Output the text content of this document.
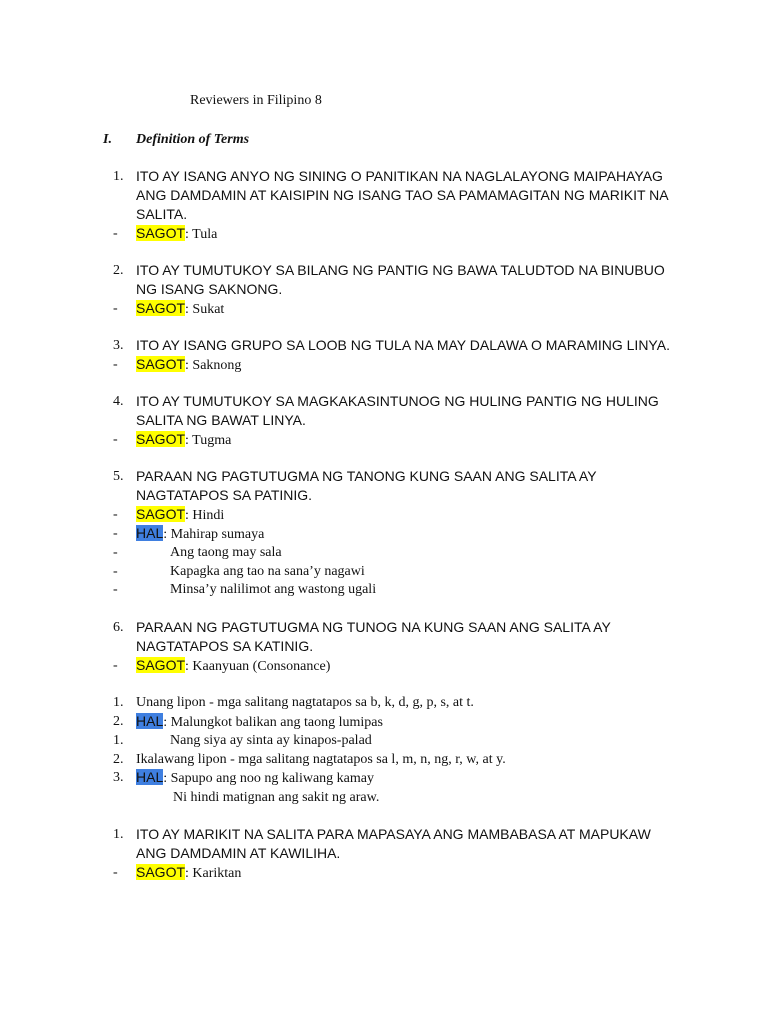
Reviewers in Filipino 8
I. Definition of Terms
1. ITO AY ISANG ANYO NG SINING O PANITIKAN NA NAGLALAYONG MAIPAHAYAG
ANG DAMDAMIN AT KAISIPIN NG ISANG TAO SA PAMAMAGITAN NG MARIKIT NA
SALITA.
- SAGOT: Tula
2. ITO AY TUMUTUKOY SA BILANG NG PANTIG NG BAWA TALUDTOD NA BINUBUO
NG ISANG SAKNONG.
- SAGOT: Sukat
3. ITO AY ISANG GRUPO SA LOOB NG TULA NA MAY DALAWA O MARAMING LINYA.
- SAGOT: Saknong
4. ITO AY TUMUTUKOY SA MAGKAKASINTUNOG NG HULING PANTIG NG HULING
SALITA NG BAWAT LINYA.
- SAGOT: Tugma
5. PARAAN NG PAGTUTUGMA NG TANONG KUNG SAAN ANG SALITA AY
NAGTATAPOS SA PATINIG.
- SAGOT: Hindi
- HAL: Mahirap sumaya
-	Ang taong may sala
-	Kapagka ang tao na sana’y nagawi
-	Minsa’y nalilimot ang wastong ugali
6. PARAAN NG PAGTUTUGMA NG TUNOG NA KUNG SAAN ANG SALITA AY
NAGTATAPOS SA KATINIG.
- SAGOT: Kaanyuan (Consonance)
1. Unang lipon - mga salitang nagtatapos sa b, k, d, g, p, s, at t.
2. HAL: Malungkot balikan ang taong lumipas
1.	Nang siya ay sinta ay kinapos-palad
2. Ikalawang lipon - mga salitang nagtatapos sa l, m, n, ng, r, w, at y.
3. HAL: Sapupo ang noo ng kaliwang kamay
Ni hindi matignan ang sakit ng araw.
1. ITO AY MARIKIT NA SALITA PARA MAPASAYA ANG MAMBABASA AT MAPUKAW
ANG DAMDAMIN AT KAWILIHA.
- SAGOT: Kariktan
